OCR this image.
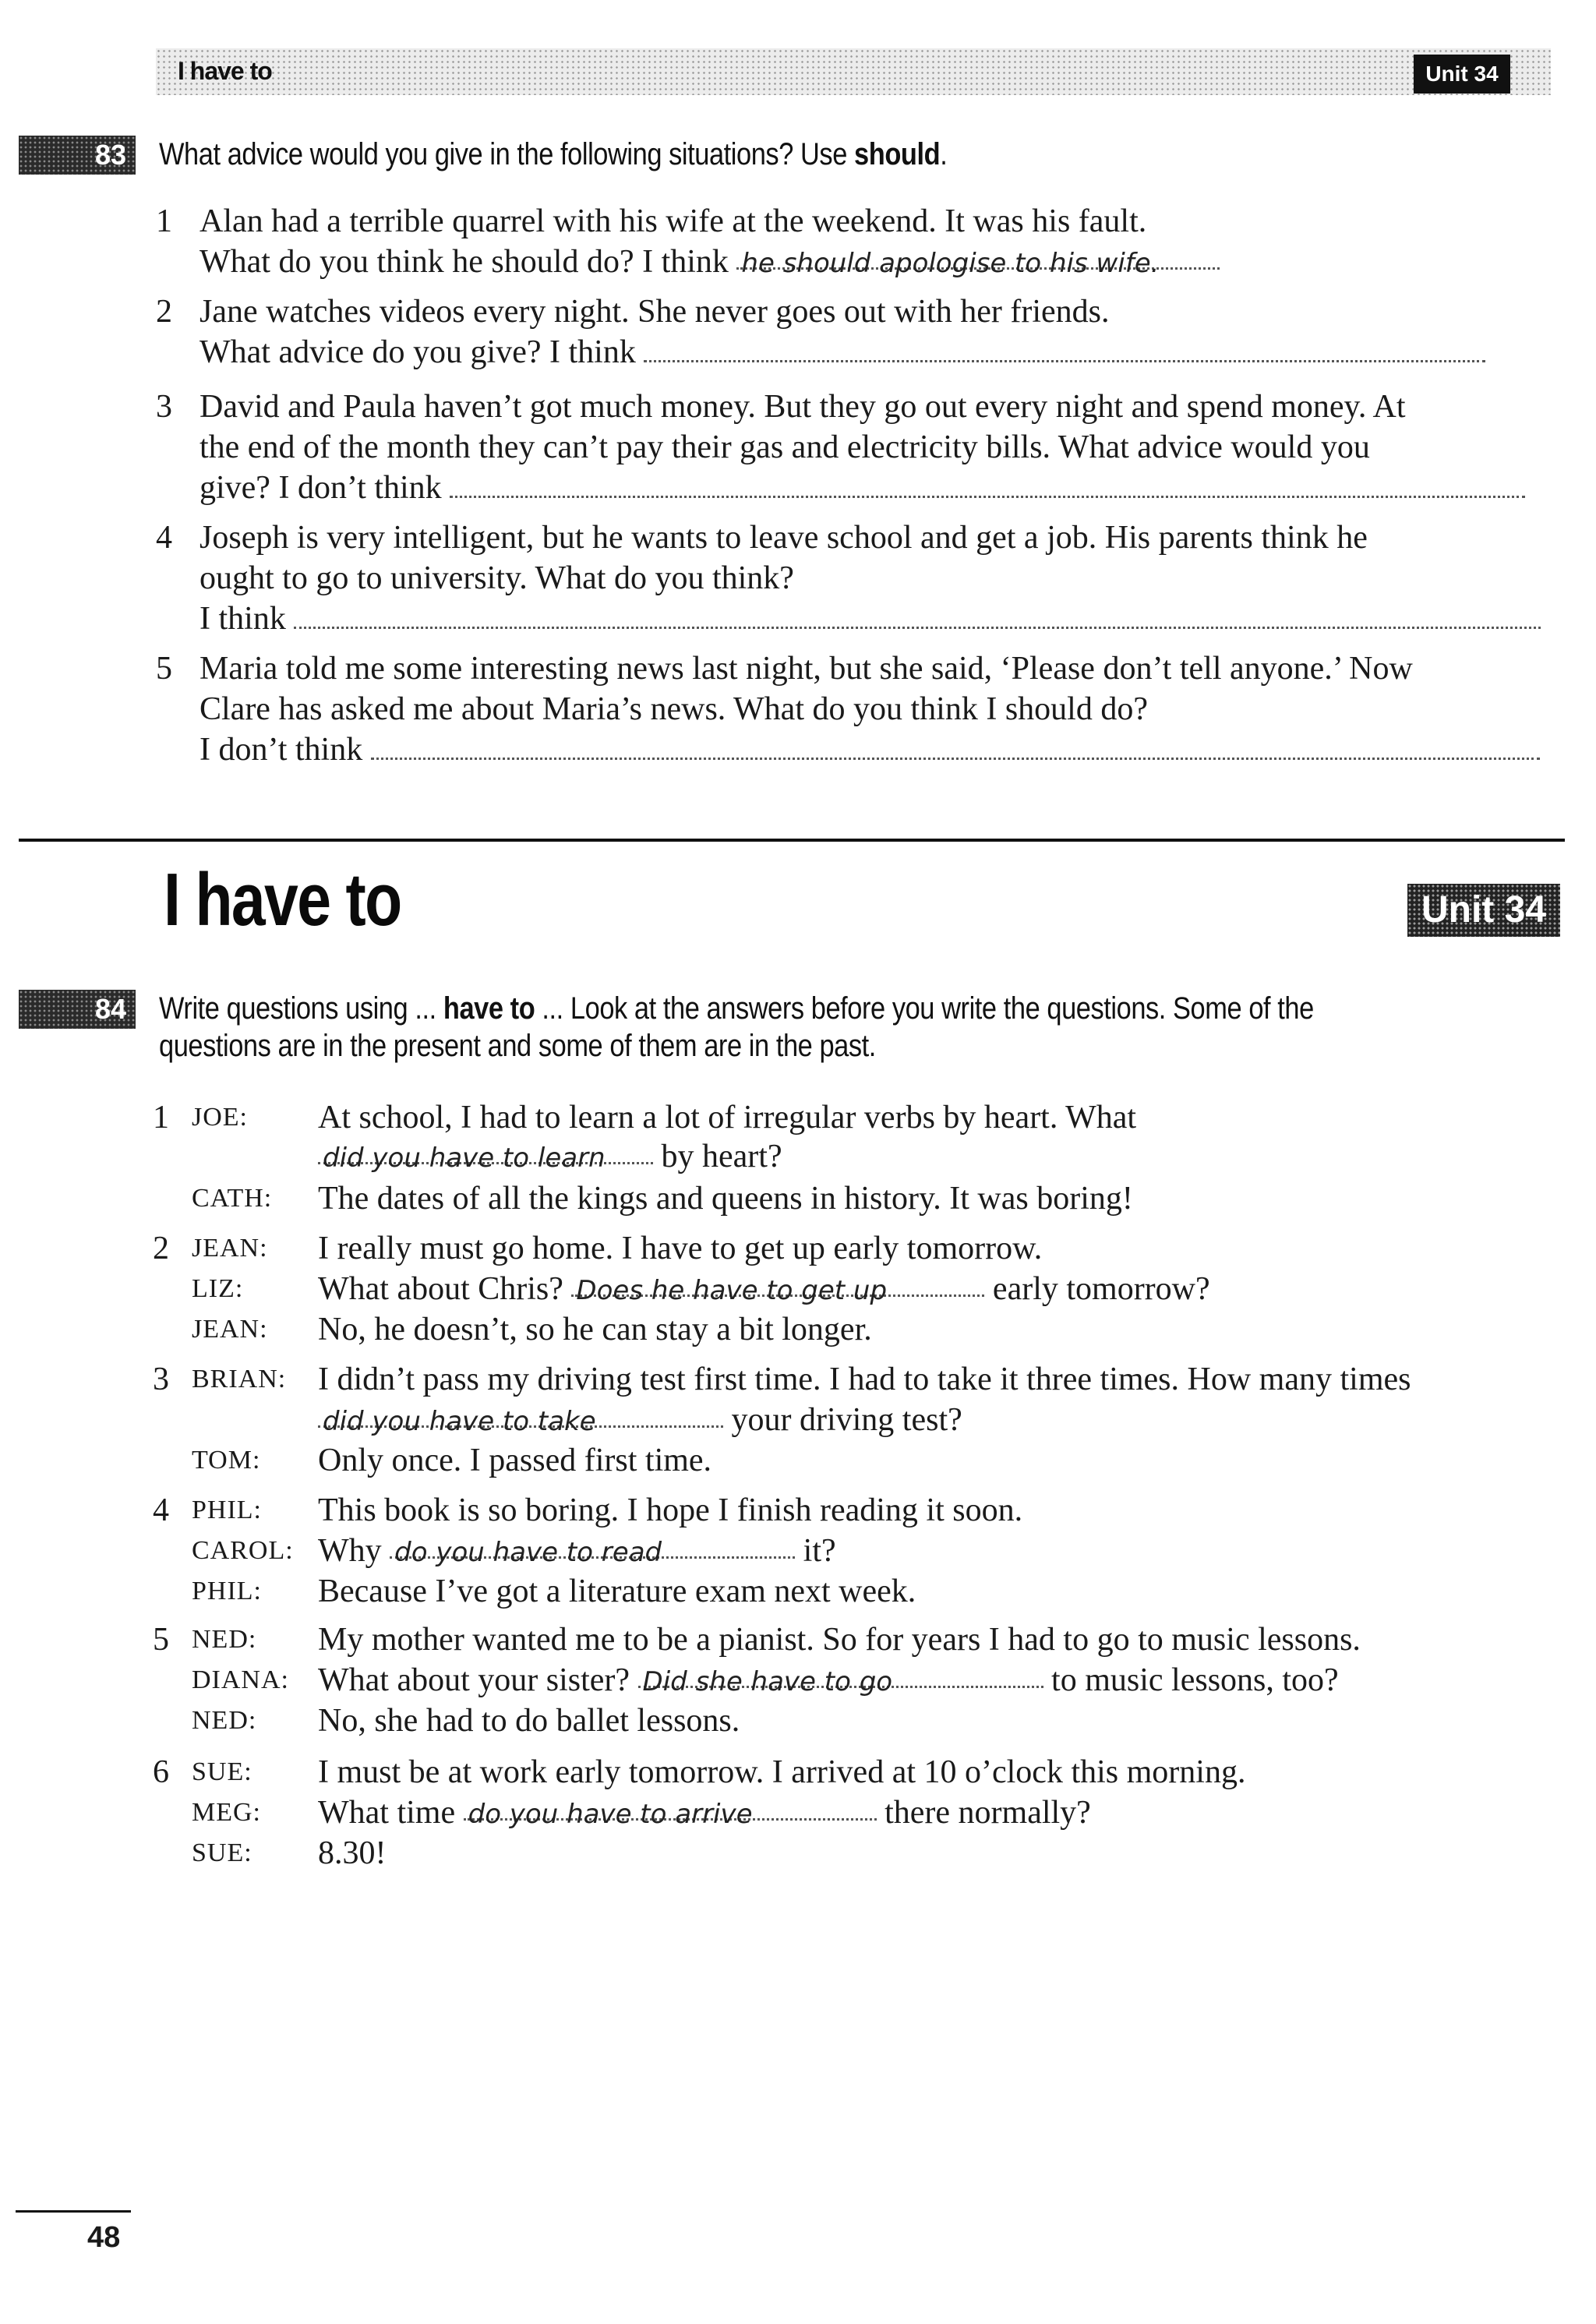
I have to	Unit 34
83	What advice would you give in the following situations? Use should.
1 Alan had a terrible quarrel with his wife at the weekend. It was his fault.
What do you think he should do? I think he should apologise to his wife.
2 Jane watches videos every night. She never goes out with her friends.
What advice do you give? I think
3 David and Paula haven’t got much money. But they go out every night and spend money. At
the end of the month they can’t pay their gas and electricity bills. What advice would you
give? I don’t think
4 Joseph is very intelligent, but he wants to leave school and get a job. His parents think he
ought to go to university. What do you think?
I think
5 Maria told me some interesting news last night, but she said, ‘Please don’t tell anyone.’ Now
Clare has asked me about Maria’s news. What do you think I should do?
I don’t think
I have to	Unit 34
84	Write questions using ... have to ... Look at the answers before you write the questions. Some of the
questions are in the present and some of them are in the past.
1 JOE: At school, I had to learn a lot of irregular verbs by heart. What
did you have to learn by heart?
CATH: The dates of all the kings and queens in history. It was boring!
2 JEAN: I really must go home. I have to get up early tomorrow.
LIZ: What about Chris? Does he have to get up	early tomorrow?
JEAN: No, he doesn’t, so he can stay a bit longer.
3 BRIAN: I didn’t pass my driving test first time. I had to take it three times. How many times
did you have to take	your driving test?
TOM: Only once. I passed first time.
4 PHIL: This book is so boring. I hope I finish reading it soon.
CAROL: Why do you have to read	it?
PHIL: Because I’ve got a literature exam next week.
5 NED: My mother wanted me to be a pianist. So for years I had to go to music lessons.
DIANA: What about your sister? Did she have to go	to music lessons, too?
NED: No, she had to do ballet lessons.
6 SUE: I must be at work early tomorrow. I arrived at 10 o’clock this morning.
MEG: What time do you have to arrive	there normally?
SUE: 8.30!
48
